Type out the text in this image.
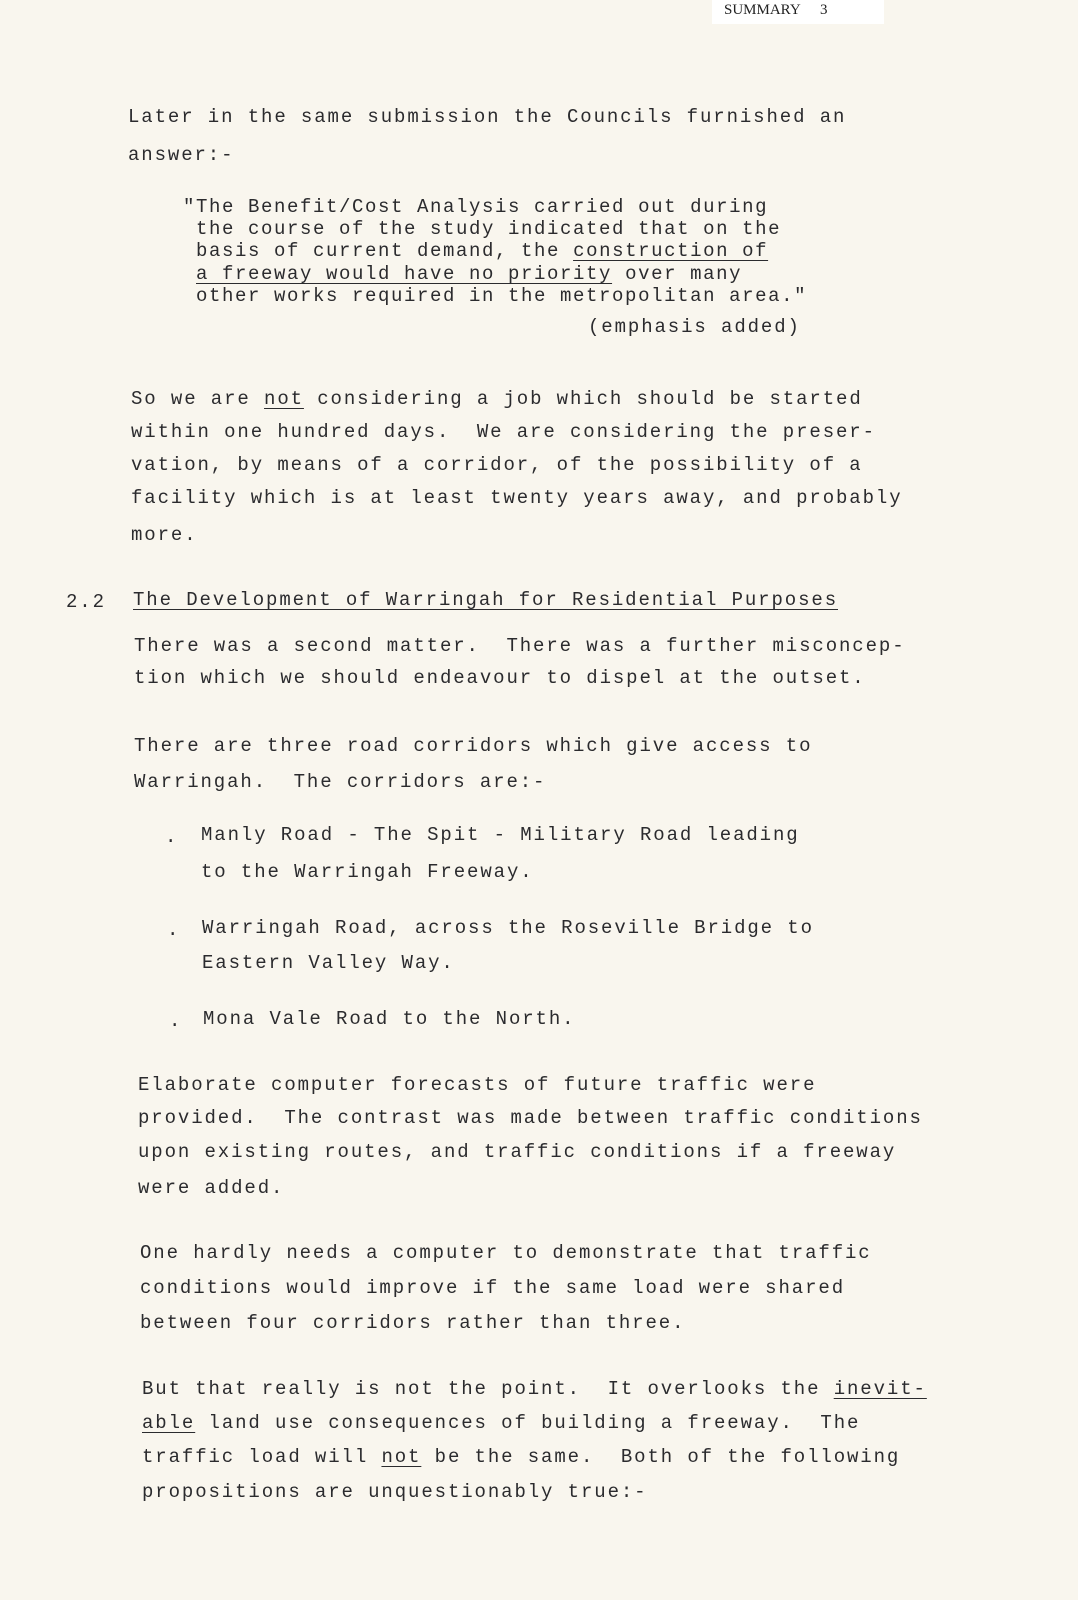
SUMMARY 3
Later in the same submission the Councils furnished an
answer:-
"The Benefit/Cost Analysis carried out during
the course of the study indicated that on the
basis of current demand, the construction of
a freeway would have no priority over many
other works required in the metropolitan area."
(emphasis added)
So we are not considering a job which should be started
within one hundred days.  We are considering the preser-
vation, by means of a corridor, of the possibility of a
facility which is at least twenty years away, and probably
more.
2.2 The Development of Warringah for Residential Purposes
There was a second matter.  There was a further misconcep-
tion which we should endeavour to dispel at the outset.
There are three road corridors which give access to
Warringah.  The corridors are:-
. Manly Road - The Spit - Military Road leading
to the Warringah Freeway.
. Warringah Road, across the Roseville Bridge to
Eastern Valley Way.
. Mona Vale Road to the North.
Elaborate computer forecasts of future traffic were
provided.  The contrast was made between traffic conditions
upon existing routes, and traffic conditions if a freeway
were added.
One hardly needs a computer to demonstrate that traffic
conditions would improve if the same load were shared
between four corridors rather than three.
But that really is not the point.  It overlooks the inevit-
able land use consequences of building a freeway.  The
traffic load will not be the same.  Both of the following
propositions are unquestionably true:-
